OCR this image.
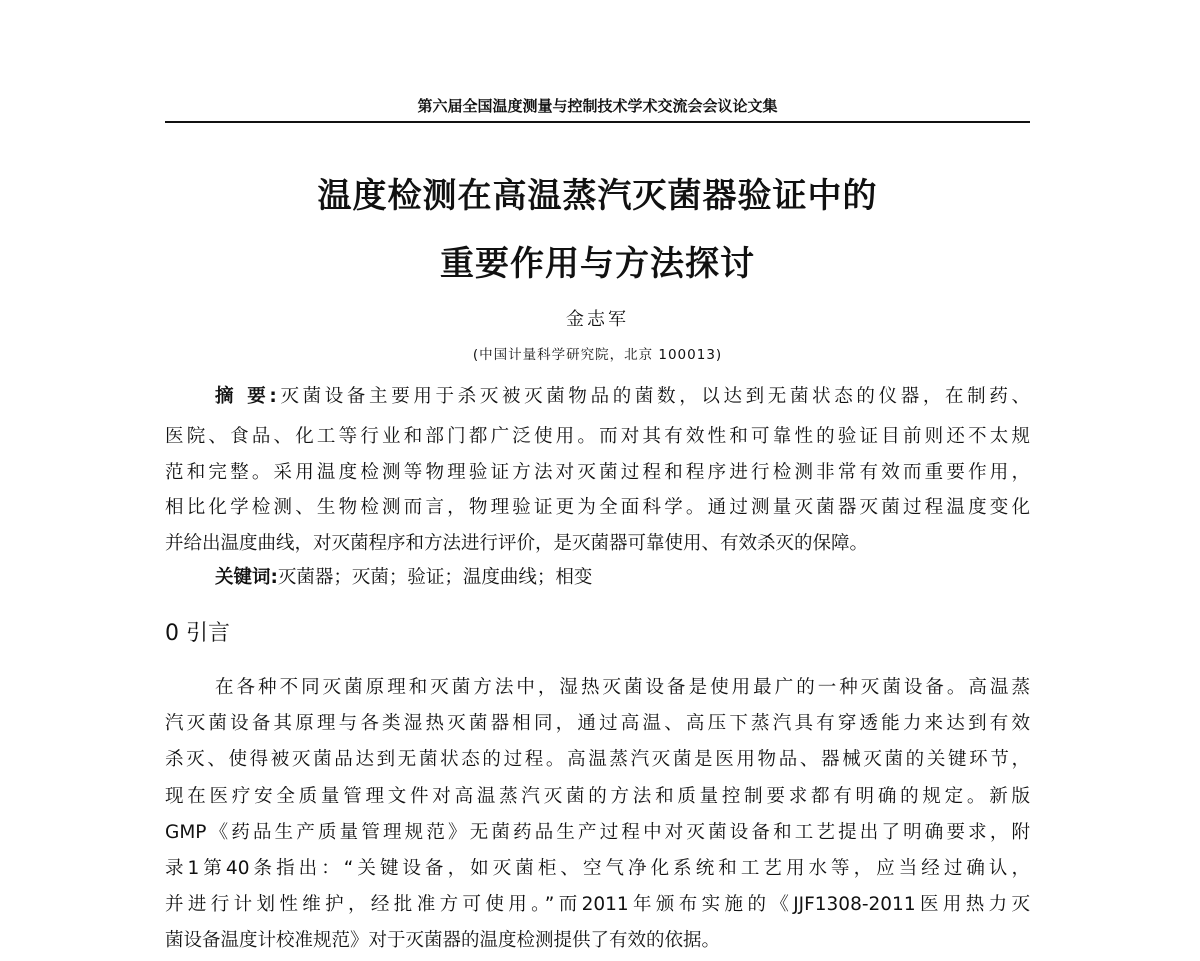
第六届全国温度测量与控制技术学术交流会会议论文集
温度检测在高温蒸汽灭菌器验证中的
重要作用与方法探讨
金志军
(中国计量科学研究院，北京 100013)
摘 要:灭菌设备主要用于杀灭被灭菌物品的菌数，以达到无菌状态的仪器，在制药、
医院、食品、化工等行业和部门都广泛使用。而对其有效性和可靠性的验证目前则还不太规
范和完整。采用温度检测等物理验证方法对灭菌过程和程序进行检测非常有效而重要作用，
相比化学检测、生物检测而言，物理验证更为全面科学。通过测量灭菌器灭菌过程温度变化
并给出温度曲线，对灭菌程序和方法进行评价，是灭菌器可靠使用、有效杀灭的保障。
关键词:灭菌器；灭菌；验证；温度曲线；相变
0 引言
在各种不同灭菌原理和灭菌方法中，湿热灭菌设备是使用最广的一种灭菌设备。高温蒸
汽灭菌设备其原理与各类湿热灭菌器相同，通过高温、高压下蒸汽具有穿透能力来达到有效
杀灭、使得被灭菌品达到无菌状态的过程。高温蒸汽灭菌是医用物品、器械灭菌的关键环节，
现在医疗安全质量管理文件对高温蒸汽灭菌的方法和质量控制要求都有明确的规定。新版
GMP《药品生产质量管理规范》无菌药品生产过程中对灭菌设备和工艺提出了明确要求，附
录1第40条指出：“关键设备，如灭菌柜、空气净化系统和工艺用水等，应当经过确认，
并进行计划性维护，经批准方可使用。”而2011年颁布实施的《JJF1308-2011医用热力灭
菌设备温度计校准规范》对于灭菌器的温度检测提供了有效的依据。
